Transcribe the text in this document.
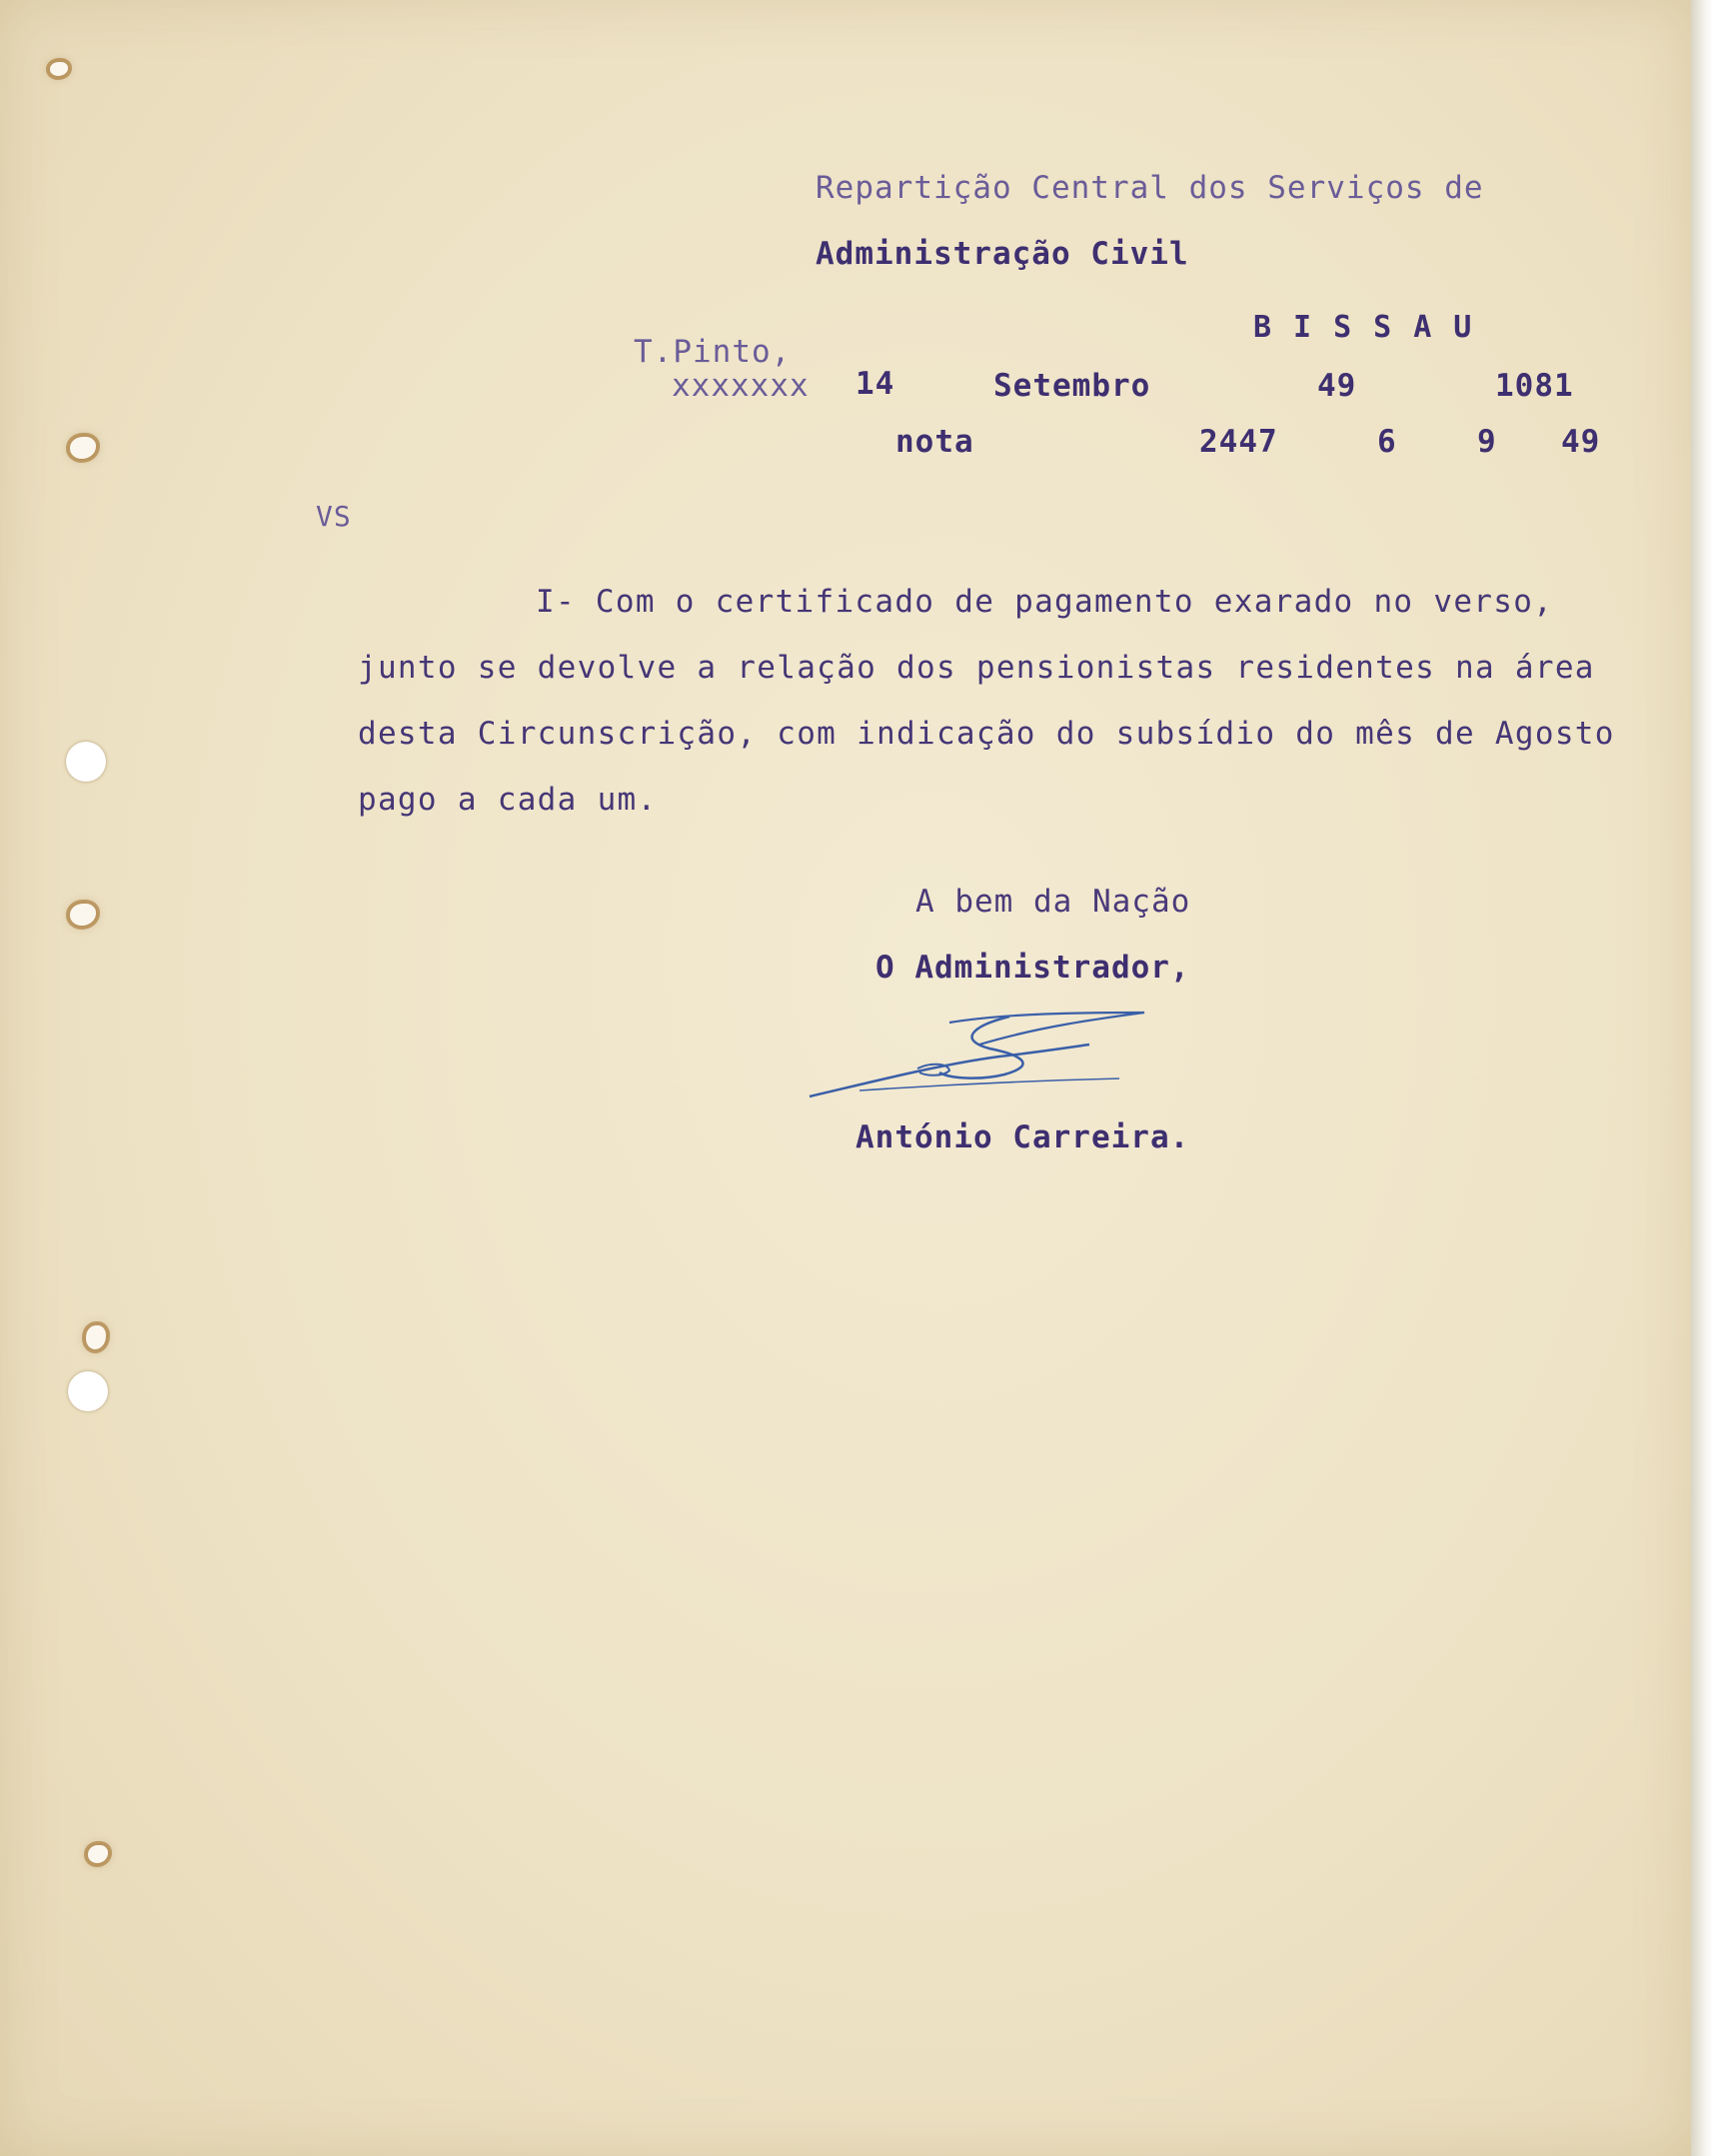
Repartição Central dos Serviços de
Administração Civil
BISSAU
T.Pinto,
xxxxxxx 14	Setembro	49	1081
nota	2447	6	9 49
VS
I- Com o certificado de pagamento exarado no verso,
junto se devolve a relação dos pensionistas residentes na área
desta Circunscrição, com indicação do subsídio do mês de Agosto
pago a cada um.
A bem da Nação
O Administrador,
António Carreira.
